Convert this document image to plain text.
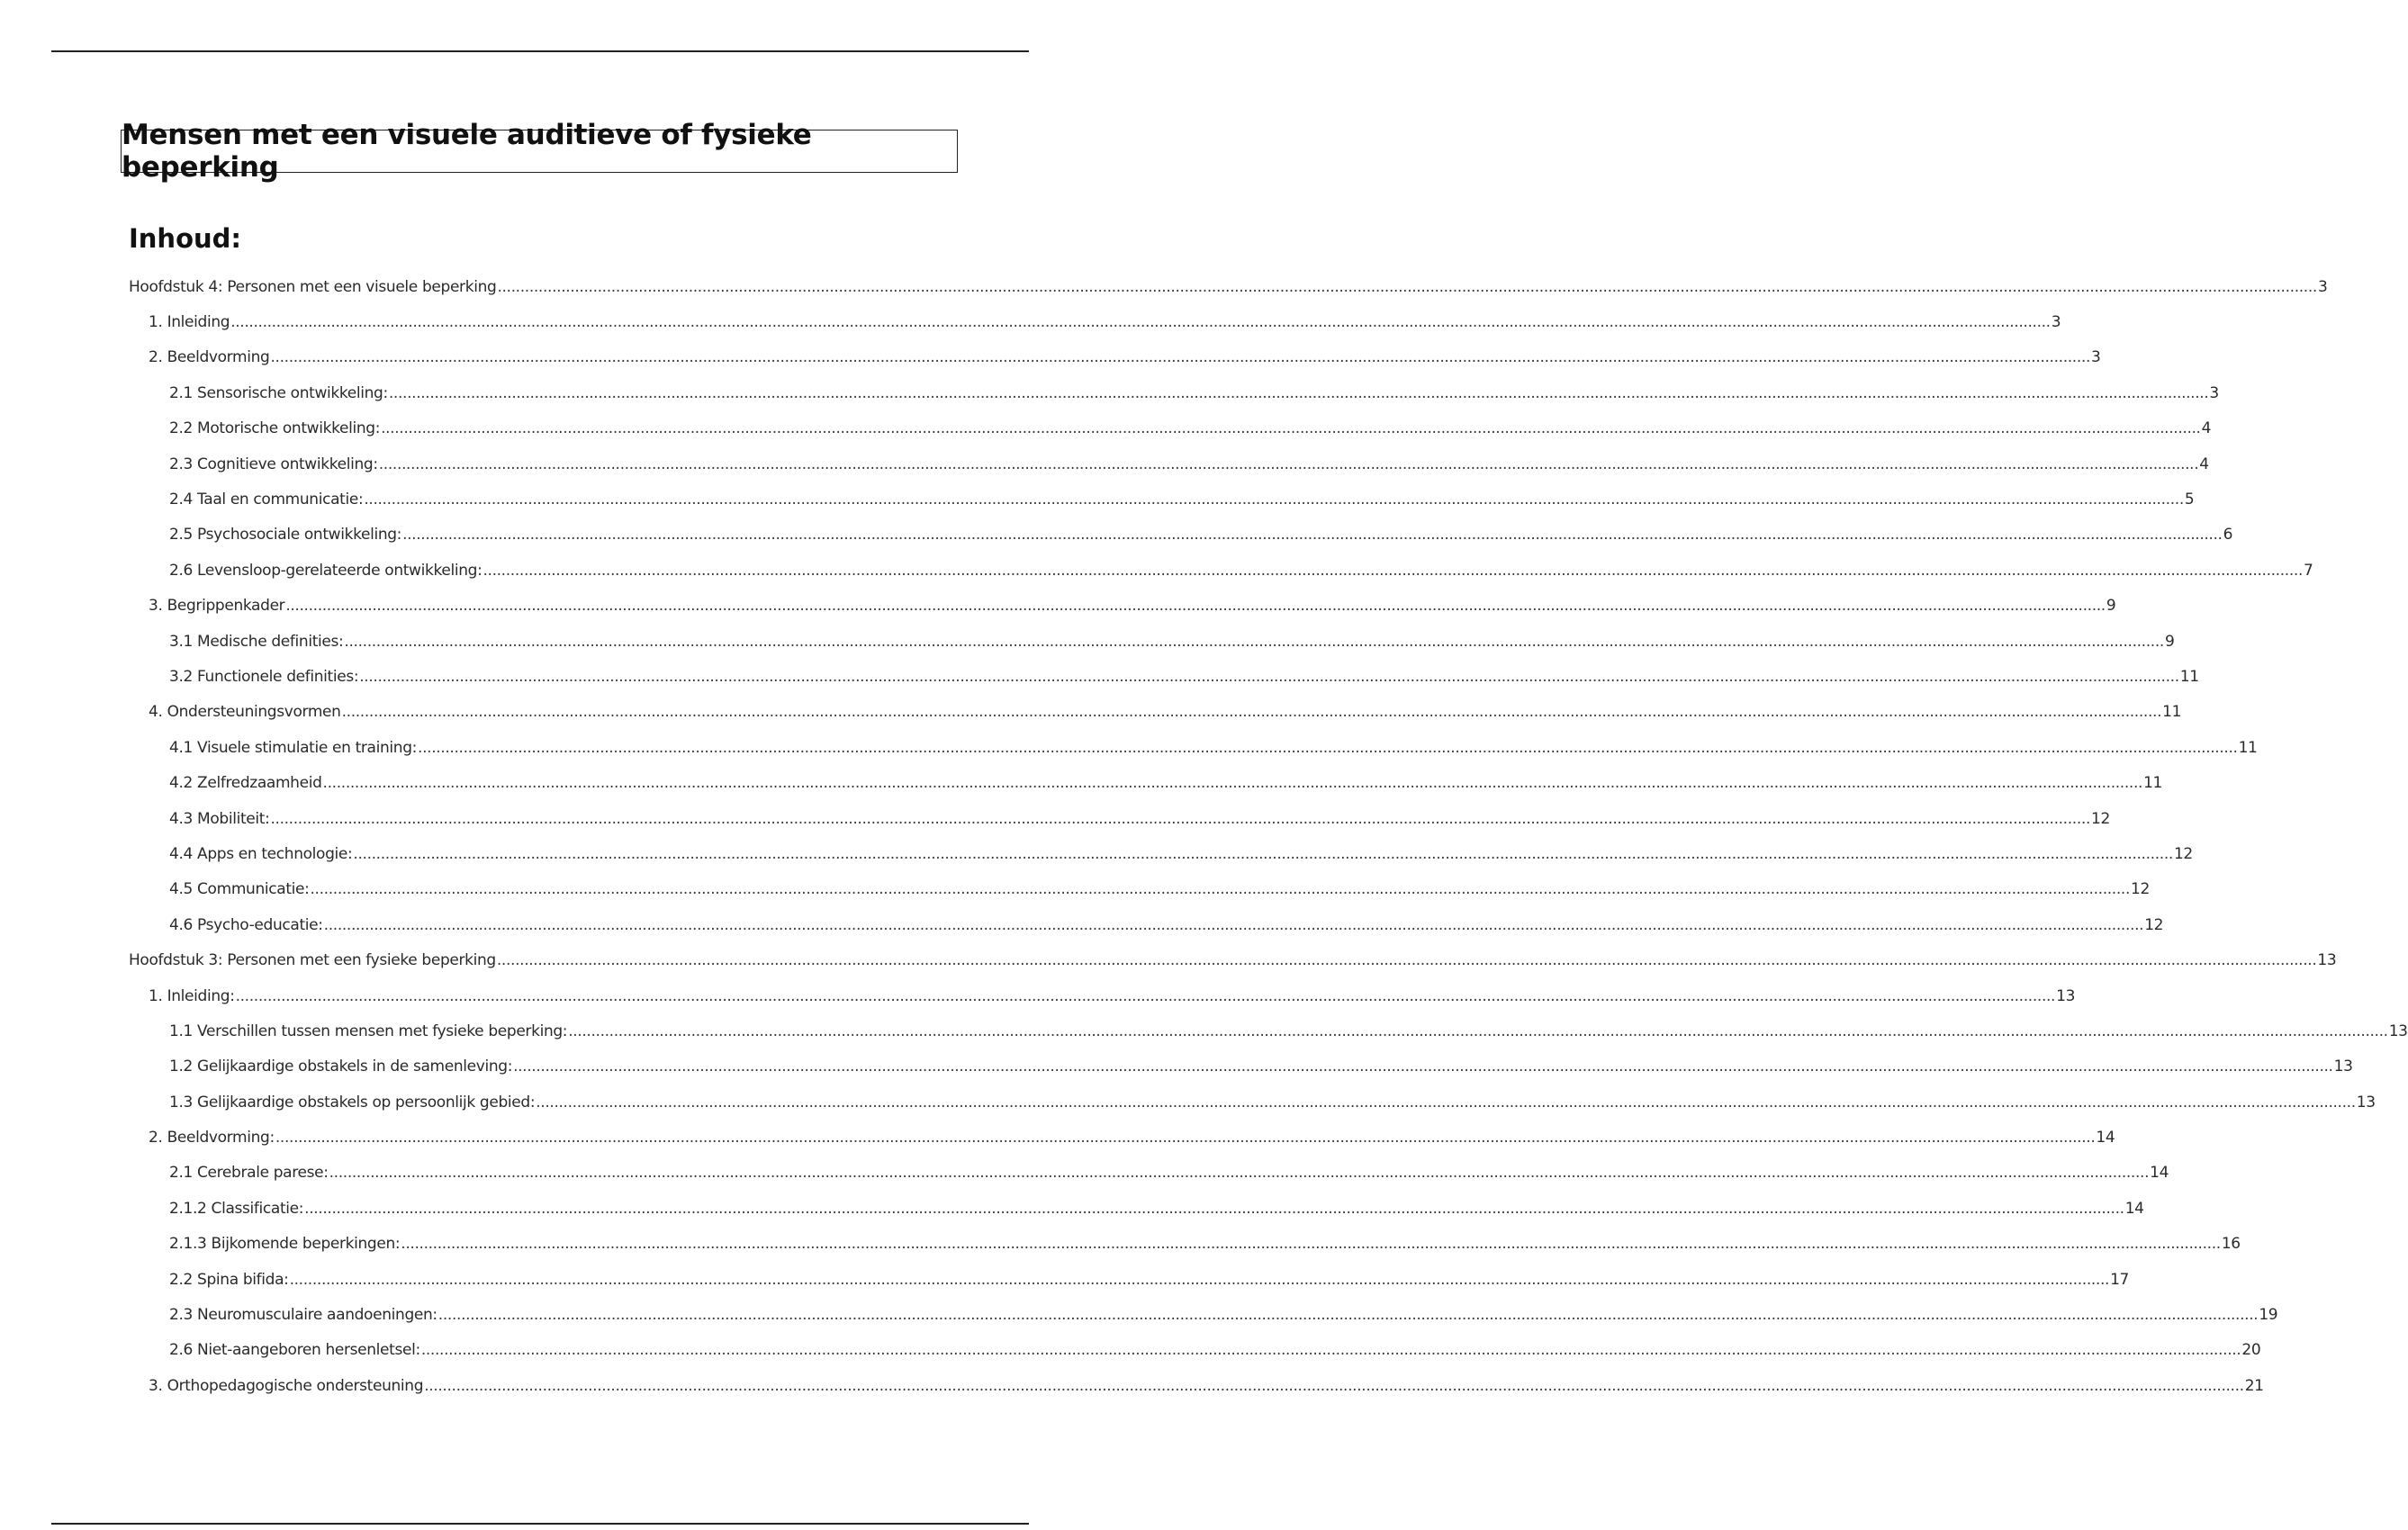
Mensen met een visuele auditieve of fysieke beperking
Inhoud:
Hoofdstuk 4: Personen met een visuele beperking ................................................................................................................................................................................................................................................................................................................................................................................................................ 3
1. Inleiding ................................................................................................................................................................................................................................................................................................................................................................................................................ 3
2. Beeldvorming ................................................................................................................................................................................................................................................................................................................................................................................................................ 3
2.1 Sensorische ontwikkeling: ................................................................................................................................................................................................................................................................................................................................................................................................................ 3
2.2 Motorische ontwikkeling: ................................................................................................................................................................................................................................................................................................................................................................................................................ 4
2.3 Cognitieve ontwikkeling: ................................................................................................................................................................................................................................................................................................................................................................................................................ 4
2.4 Taal en communicatie: ................................................................................................................................................................................................................................................................................................................................................................................................................ 5
2.5 Psychosociale ontwikkeling: ................................................................................................................................................................................................................................................................................................................................................................................................................ 6
2.6 Levensloop-gerelateerde ontwikkeling: ................................................................................................................................................................................................................................................................................................................................................................................................................ 7
3. Begrippenkader ................................................................................................................................................................................................................................................................................................................................................................................................................ 9
3.1 Medische definities: ................................................................................................................................................................................................................................................................................................................................................................................................................ 9
3.2 Functionele definities: ................................................................................................................................................................................................................................................................................................................................................................................................................ 11
4. Ondersteuningsvormen ................................................................................................................................................................................................................................................................................................................................................................................................................ 11
4.1 Visuele stimulatie en training: ................................................................................................................................................................................................................................................................................................................................................................................................................ 11
4.2 Zelfredzaamheid ................................................................................................................................................................................................................................................................................................................................................................................................................ 11
4.3 Mobiliteit: ................................................................................................................................................................................................................................................................................................................................................................................................................ 12
4.4 Apps en technologie: ................................................................................................................................................................................................................................................................................................................................................................................................................ 12
4.5 Communicatie: ................................................................................................................................................................................................................................................................................................................................................................................................................ 12
4.6 Psycho-educatie: ................................................................................................................................................................................................................................................................................................................................................................................................................ 12
Hoofdstuk 3: Personen met een fysieke beperking ................................................................................................................................................................................................................................................................................................................................................................................................................ 13
1. Inleiding: ................................................................................................................................................................................................................................................................................................................................................................................................................ 13
1.1 Verschillen tussen mensen met fysieke beperking: ................................................................................................................................................................................................................................................................................................................................................................................................................ 13
1.2 Gelijkaardige obstakels in de samenleving: ................................................................................................................................................................................................................................................................................................................................................................................................................ 13
1.3 Gelijkaardige obstakels op persoonlijk gebied: ................................................................................................................................................................................................................................................................................................................................................................................................................ 13
2. Beeldvorming: ................................................................................................................................................................................................................................................................................................................................................................................................................ 14
2.1 Cerebrale parese: ................................................................................................................................................................................................................................................................................................................................................................................................................ 14
2.1.2 Classificatie: ................................................................................................................................................................................................................................................................................................................................................................................................................ 14
2.1.3 Bijkomende beperkingen: ................................................................................................................................................................................................................................................................................................................................................................................................................ 16
2.2 Spina bifida: ................................................................................................................................................................................................................................................................................................................................................................................................................ 17
2.3 Neuromusculaire aandoeningen: ................................................................................................................................................................................................................................................................................................................................................................................................................ 19
2.6 Niet-aangeboren hersenletsel: ................................................................................................................................................................................................................................................................................................................................................................................................................ 20
3. Orthopedagogische ondersteuning ................................................................................................................................................................................................................................................................................................................................................................................................................ 21
